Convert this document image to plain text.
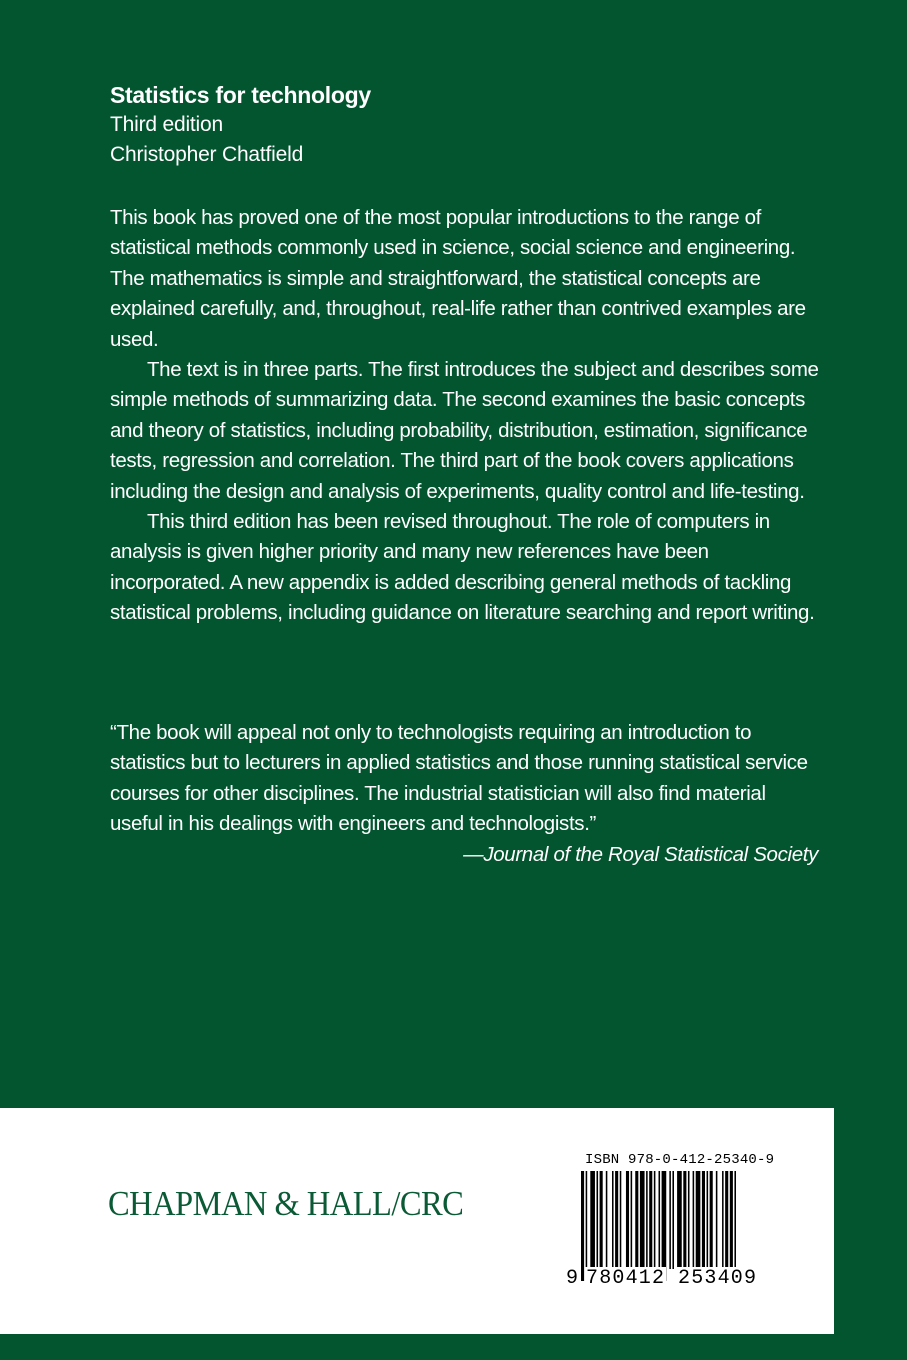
Statistics for technology
Third edition
Christopher Chatfield

This book has proved one of the most popular introductions to the range of statistical methods commonly used in science, social science and engineering. The mathematics is simple and straightforward, the statistical concepts are explained carefully, and, throughout, real-life rather than contrived examples are used.

The text is in three parts. The first introduces the subject and describes some simple methods of summarizing data. The second examines the basic concepts and theory of statistics, including probability, distribution, estimation, significance tests, regression and correlation. The third part of the book covers applications including the design and analysis of experiments, quality control and life-testing.

This third edition has been revised throughout. The role of computers in analysis is given higher priority and many new references have been incorporated. A new appendix is added describing general methods of tackling statistical problems, including guidance on literature searching and report writing.

“The book will appeal not only to technologists requiring an introduction to statistics but to lecturers in applied statistics and those running statistical service courses for other disciplines. The industrial statistician will also find material useful in his dealings with engineers and technologists.”

—Journal of the Royal Statistical Society
CHAPMAN & HALL/CRC
ISBN 978-0-412-25340-9
9 780412 253409
